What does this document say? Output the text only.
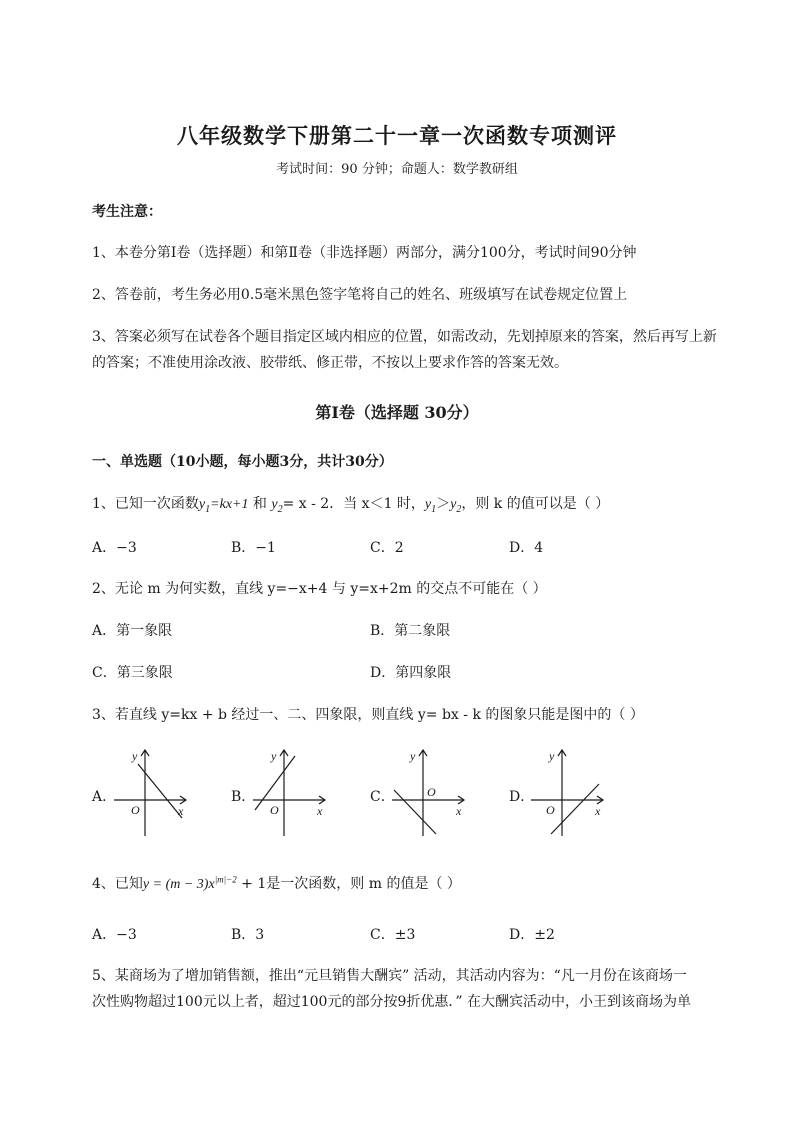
八年级数学下册第二十一章一次函数专项测评
考试时间：90 分钟；命题人：数学教研组
考生注意：
1、本卷分第I卷（选择题）和第Ⅱ卷（非选择题）两部分，满分100分，考试时间90分钟
2、答卷前，考生务必用0.5毫米黑色签字笔将自己的姓名、班级填写在试卷规定位置上
3、答案必须写在试卷各个题目指定区域内相应的位置，如需改动，先划掉原来的答案，然后再写上新
的答案；不准使用涂改液、胶带纸、修正带，不按以上要求作答的答案无效。
第I卷（选择题 30分）
一、单选题（10小题，每小题3分，共计30分）
1、已知一次函数$y_1=kx+1$ 和 $y_2= x - 2$．当 x＜1 时，$y_1>y_2$，则 k 的值可以是（ ）
A．−3	B．−1	C．2	D．4
2、无论 m 为何实数，直线 y=−x+4 与 y=x+2m 的交点不可能在（ ）
A．第一象限	B．第二象限
C．第三象限	D．第四象限
3、若直线 y=kx + b 经过一、二、四象限，则直线 y= bx - k 的图象只能是图中的（ ）
A．
y
x
O
B．
y
x
O
C．
y
x
O	D．
y
x
O
4、已知$y = (m - 3)x^{|m|-2} + 1$是一次函数，则 m 的值是（ ）
A．−3	B．3	C．±3	D．±2
5、某商场为了增加销售额，推出“元旦销售大酬宾” 活动，其活动内容为：“凡一月份在该商场一
次性购物超过100元以上者，超过100元的部分按9折优惠．” 在大酬宾活动中，小王到该商场为单
